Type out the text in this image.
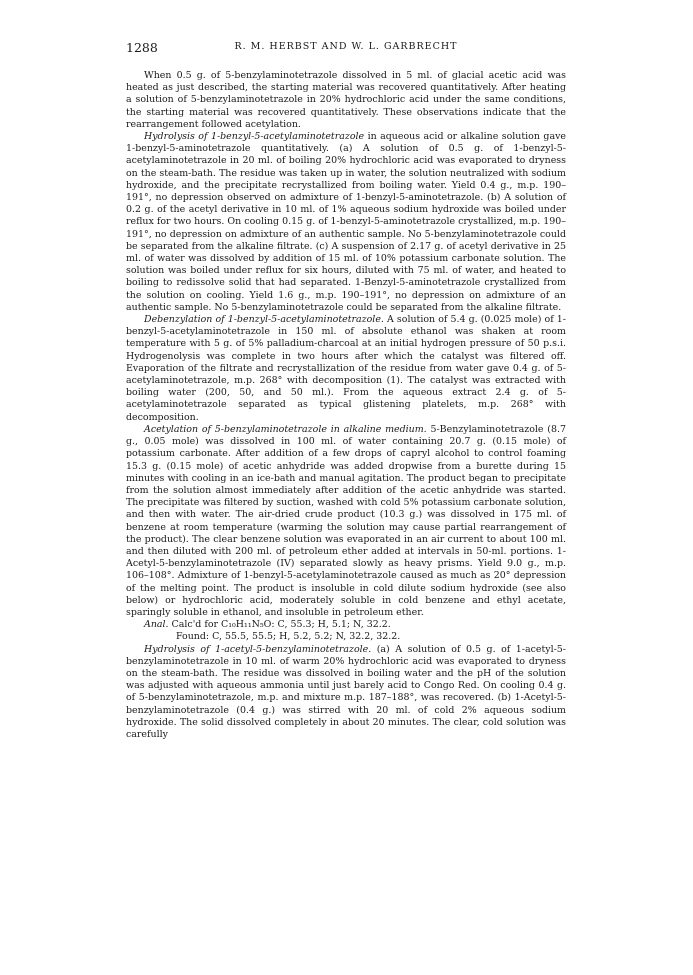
1288	R. M. HERBST AND W. L. GARBRECHT

When 0.5 g. of 5-benzylaminotetrazole dissolved in 5 ml. of glacial acetic acid was heated as just described, the starting material was recovered quantitatively. After heating a solution of 5-benzylaminotetrazole in 20% hydrochloric acid under the same conditions, the starting material was recovered quantitatively. These observations indicate that the rearrangement followed acetylation.

Hydrolysis of 1-benzyl-5-acetylaminotetrazole in aqueous acid or alkaline solution gave 1-benzyl-5-aminotetrazole quantitatively. (a) A solution of 0.5 g. of 1-benzyl-5-acetylaminotetrazole in 20 ml. of boiling 20% hydrochloric acid was evaporated to dryness on the steam-bath. The residue was taken up in water, the solution neutralized with sodium hydroxide, and the precipitate recrystallized from boiling water. Yield 0.4 g., m.p. 190–191°, no depression observed on admixture of 1-benzyl-5-aminotetrazole. (b) A solution of 0.2 g. of the acetyl derivative in 10 ml. of 1% aqueous sodium hydroxide was boiled under reflux for two hours. On cooling 0.15 g. of 1-benzyl-5-aminotetrazole crystallized, m.p. 190–191°, no depression on admixture of an authentic sample. No 5-benzylaminotetrazole could be separated from the alkaline filtrate. (c) A suspension of 2.17 g. of acetyl derivative in 25 ml. of water was dissolved by addition of 15 ml. of 10% potassium carbonate solution. The solution was boiled under reflux for six hours, diluted with 75 ml. of water, and heated to boiling to redissolve solid that had separated. 1-Benzyl-5-aminotetrazole crystallized from the solution on cooling. Yield 1.6 g., m.p. 190–191°, no depression on admixture of an authentic sample. No 5-benzylaminotetrazole could be separated from the alkaline filtrate.

Debenzylation of 1-benzyl-5-acetylaminotetrazole. A solution of 5.4 g. (0.025 mole) of 1-benzyl-5-acetylaminotetrazole in 150 ml. of absolute ethanol was shaken at room temperature with 5 g. of 5% palladium-charcoal at an initial hydrogen pressure of 50 p.s.i. Hydrogenolysis was complete in two hours after which the catalyst was filtered off. Evaporation of the filtrate and recrystallization of the residue from water gave 0.4 g. of 5-acetylaminotetrazole, m.p. 268° with decomposition (1). The catalyst was extracted with boiling water (200, 50, and 50 ml.). From the aqueous extract 2.4 g. of 5-acetylaminotetrazole separated as typical glistening platelets, m.p. 268° with decomposition.

Acetylation of 5-benzylaminotetrazole in alkaline medium. 5-Benzylaminotetrazole (8.7 g., 0.05 mole) was dissolved in 100 ml. of water containing 20.7 g. (0.15 mole) of potassium carbonate. After addition of a few drops of capryl alcohol to control foaming 15.3 g. (0.15 mole) of acetic anhydride was added dropwise from a burette during 15 minutes with cooling in an ice-bath and manual agitation. The product began to precipitate from the solution almost immediately after addition of the acetic anhydride was started. The precipitate was filtered by suction, washed with cold 5% potassium carbonate solution, and then with water. The air-dried crude product (10.3 g.) was dissolved in 175 ml. of benzene at room temperature (warming the solution may cause partial rearrangement of the product). The clear benzene solution was evaporated in an air current to about 100 ml. and then diluted with 200 ml. of petroleum ether added at intervals in 50-ml. portions. 1-Acetyl-5-benzylaminotetrazole (IV) separated slowly as heavy prisms. Yield 9.0 g., m.p. 106–108°. Admixture of 1-benzyl-5-acetylaminotetrazole caused as much as 20° depression of the melting point. The product is insoluble in cold dilute sodium hydroxide (see also below) or hydrochloric acid, moderately soluble in cold benzene and ethyl acetate, sparingly soluble in ethanol, and insoluble in petroleum ether.

Anal. Calc'd for C₁₀H₁₁N₅O: C, 55.3; H, 5.1; N, 32.2.

Found: C, 55.5, 55.5; H, 5.2, 5.2; N, 32.2, 32.2.

Hydrolysis of 1-acetyl-5-benzylaminotetrazole. (a) A solution of 0.5 g. of 1-acetyl-5-benzylaminotetrazole in 10 ml. of warm 20% hydrochloric acid was evaporated to dryness on the steam-bath. The residue was dissolved in boiling water and the pH of the solution was adjusted with aqueous ammonia until just barely acid to Congo Red. On cooling 0.4 g. of 5-benzylaminotetrazole, m.p. and mixture m.p. 187–188°, was recovered. (b) 1-Acetyl-5-benzylaminotetrazole (0.4 g.) was stirred with 20 ml. of cold 2% aqueous sodium hydroxide. The solid dissolved completely in about 20 minutes. The clear, cold solution was carefully
